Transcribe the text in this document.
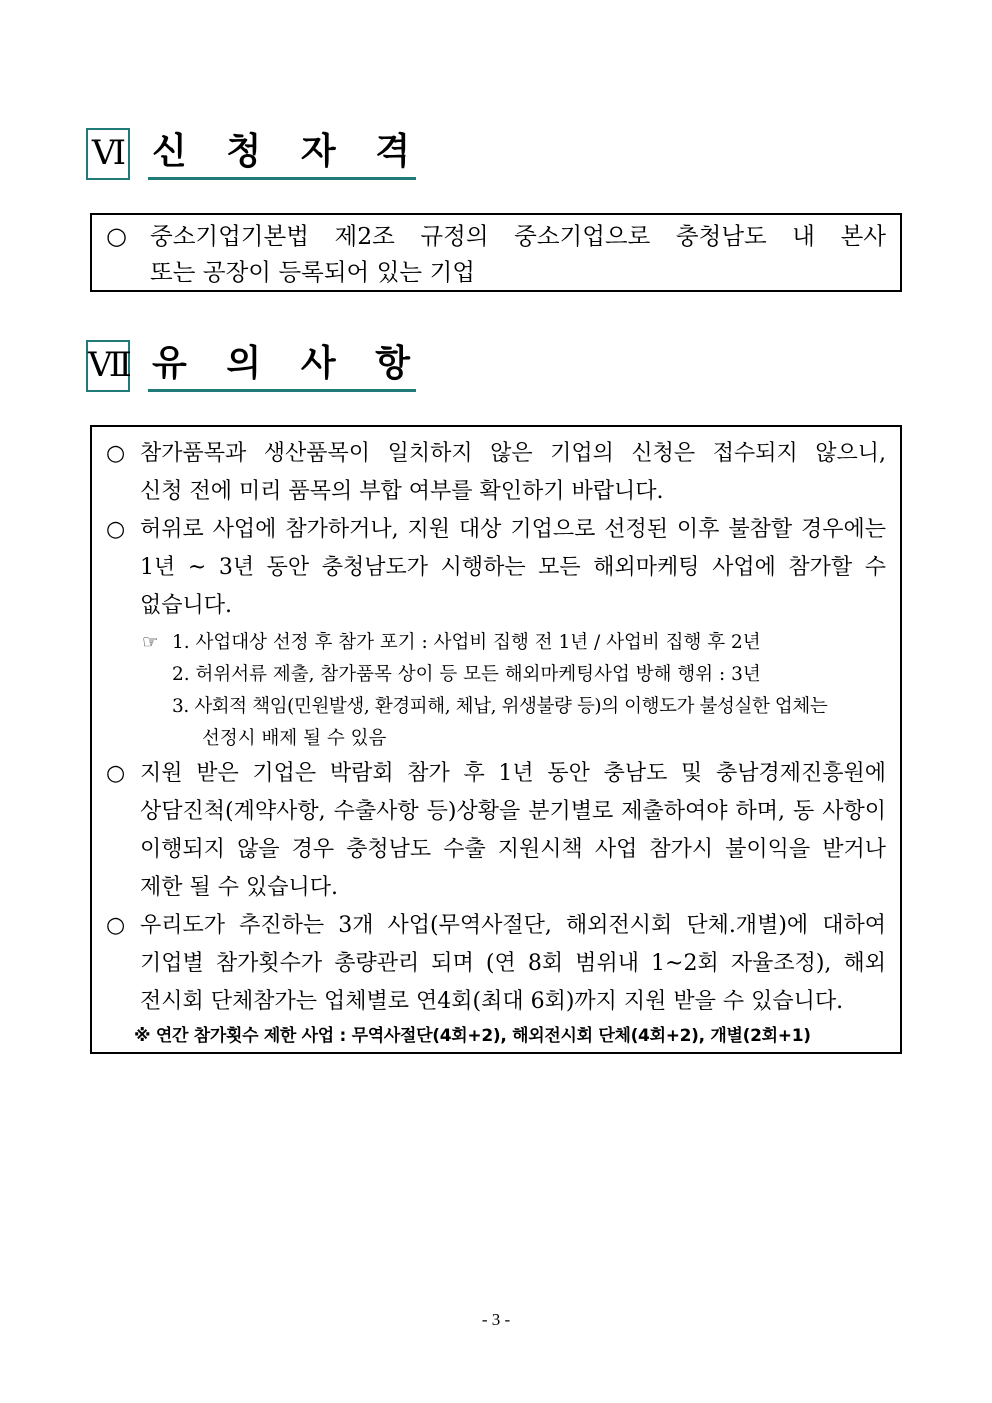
Ⅵ 신 청 자 격
○ 중소기업기본법 제2조 규정의 중소기업으로 충청남도 내 본사
또는 공장이 등록되어 있는 기업
Ⅶ 유 의 사 항
○ 참가품목과 생산품목이 일치하지 않은 기업의 신청은 접수되지 않으니,
신청 전에 미리 품목의 부합 여부를 확인하기 바랍니다.
○ 허위로 사업에 참가하거나, 지원 대상 기업으로 선정된 이후 불참할 경우에는
1년 ~ 3년 동안 충청남도가 시행하는 모든 해외마케팅 사업에 참가할 수
없습니다.
☞ 1. 사업대상 선정 후 참가 포기 : 사업비 집행 전 1년 / 사업비 집행 후 2년
2. 허위서류 제출, 참가품목 상이 등 모든 해외마케팅사업 방해 행위 : 3년
3. 사회적 책임(민원발생, 환경피해, 체납, 위생불량 등)의 이행도가 불성실한 업체는
선정시 배제 될 수 있음
○ 지원 받은 기업은 박람회 참가 후 1년 동안 충남도 및 충남경제진흥원에
상담진척(계약사항, 수출사항 등)상황을 분기별로 제출하여야 하며, 동 사항이
이행되지 않을 경우 충청남도 수출 지원시책 사업 참가시 불이익을 받거나
제한 될 수 있습니다.
○ 우리도가 추진하는 3개 사업(무역사절단, 해외전시회 단체.개별)에 대하여
기업별 참가횟수가 총량관리 되며 (연 8회 범위내 1~2회 자율조정), 해외
전시회 단체참가는 업체별로 연4회(최대 6회)까지 지원 받을 수 있습니다.
※ 연간 참가횟수 제한 사업 : 무역사절단(4회+2), 해외전시회 단체(4회+2), 개별(2회+1)
- 3 -
